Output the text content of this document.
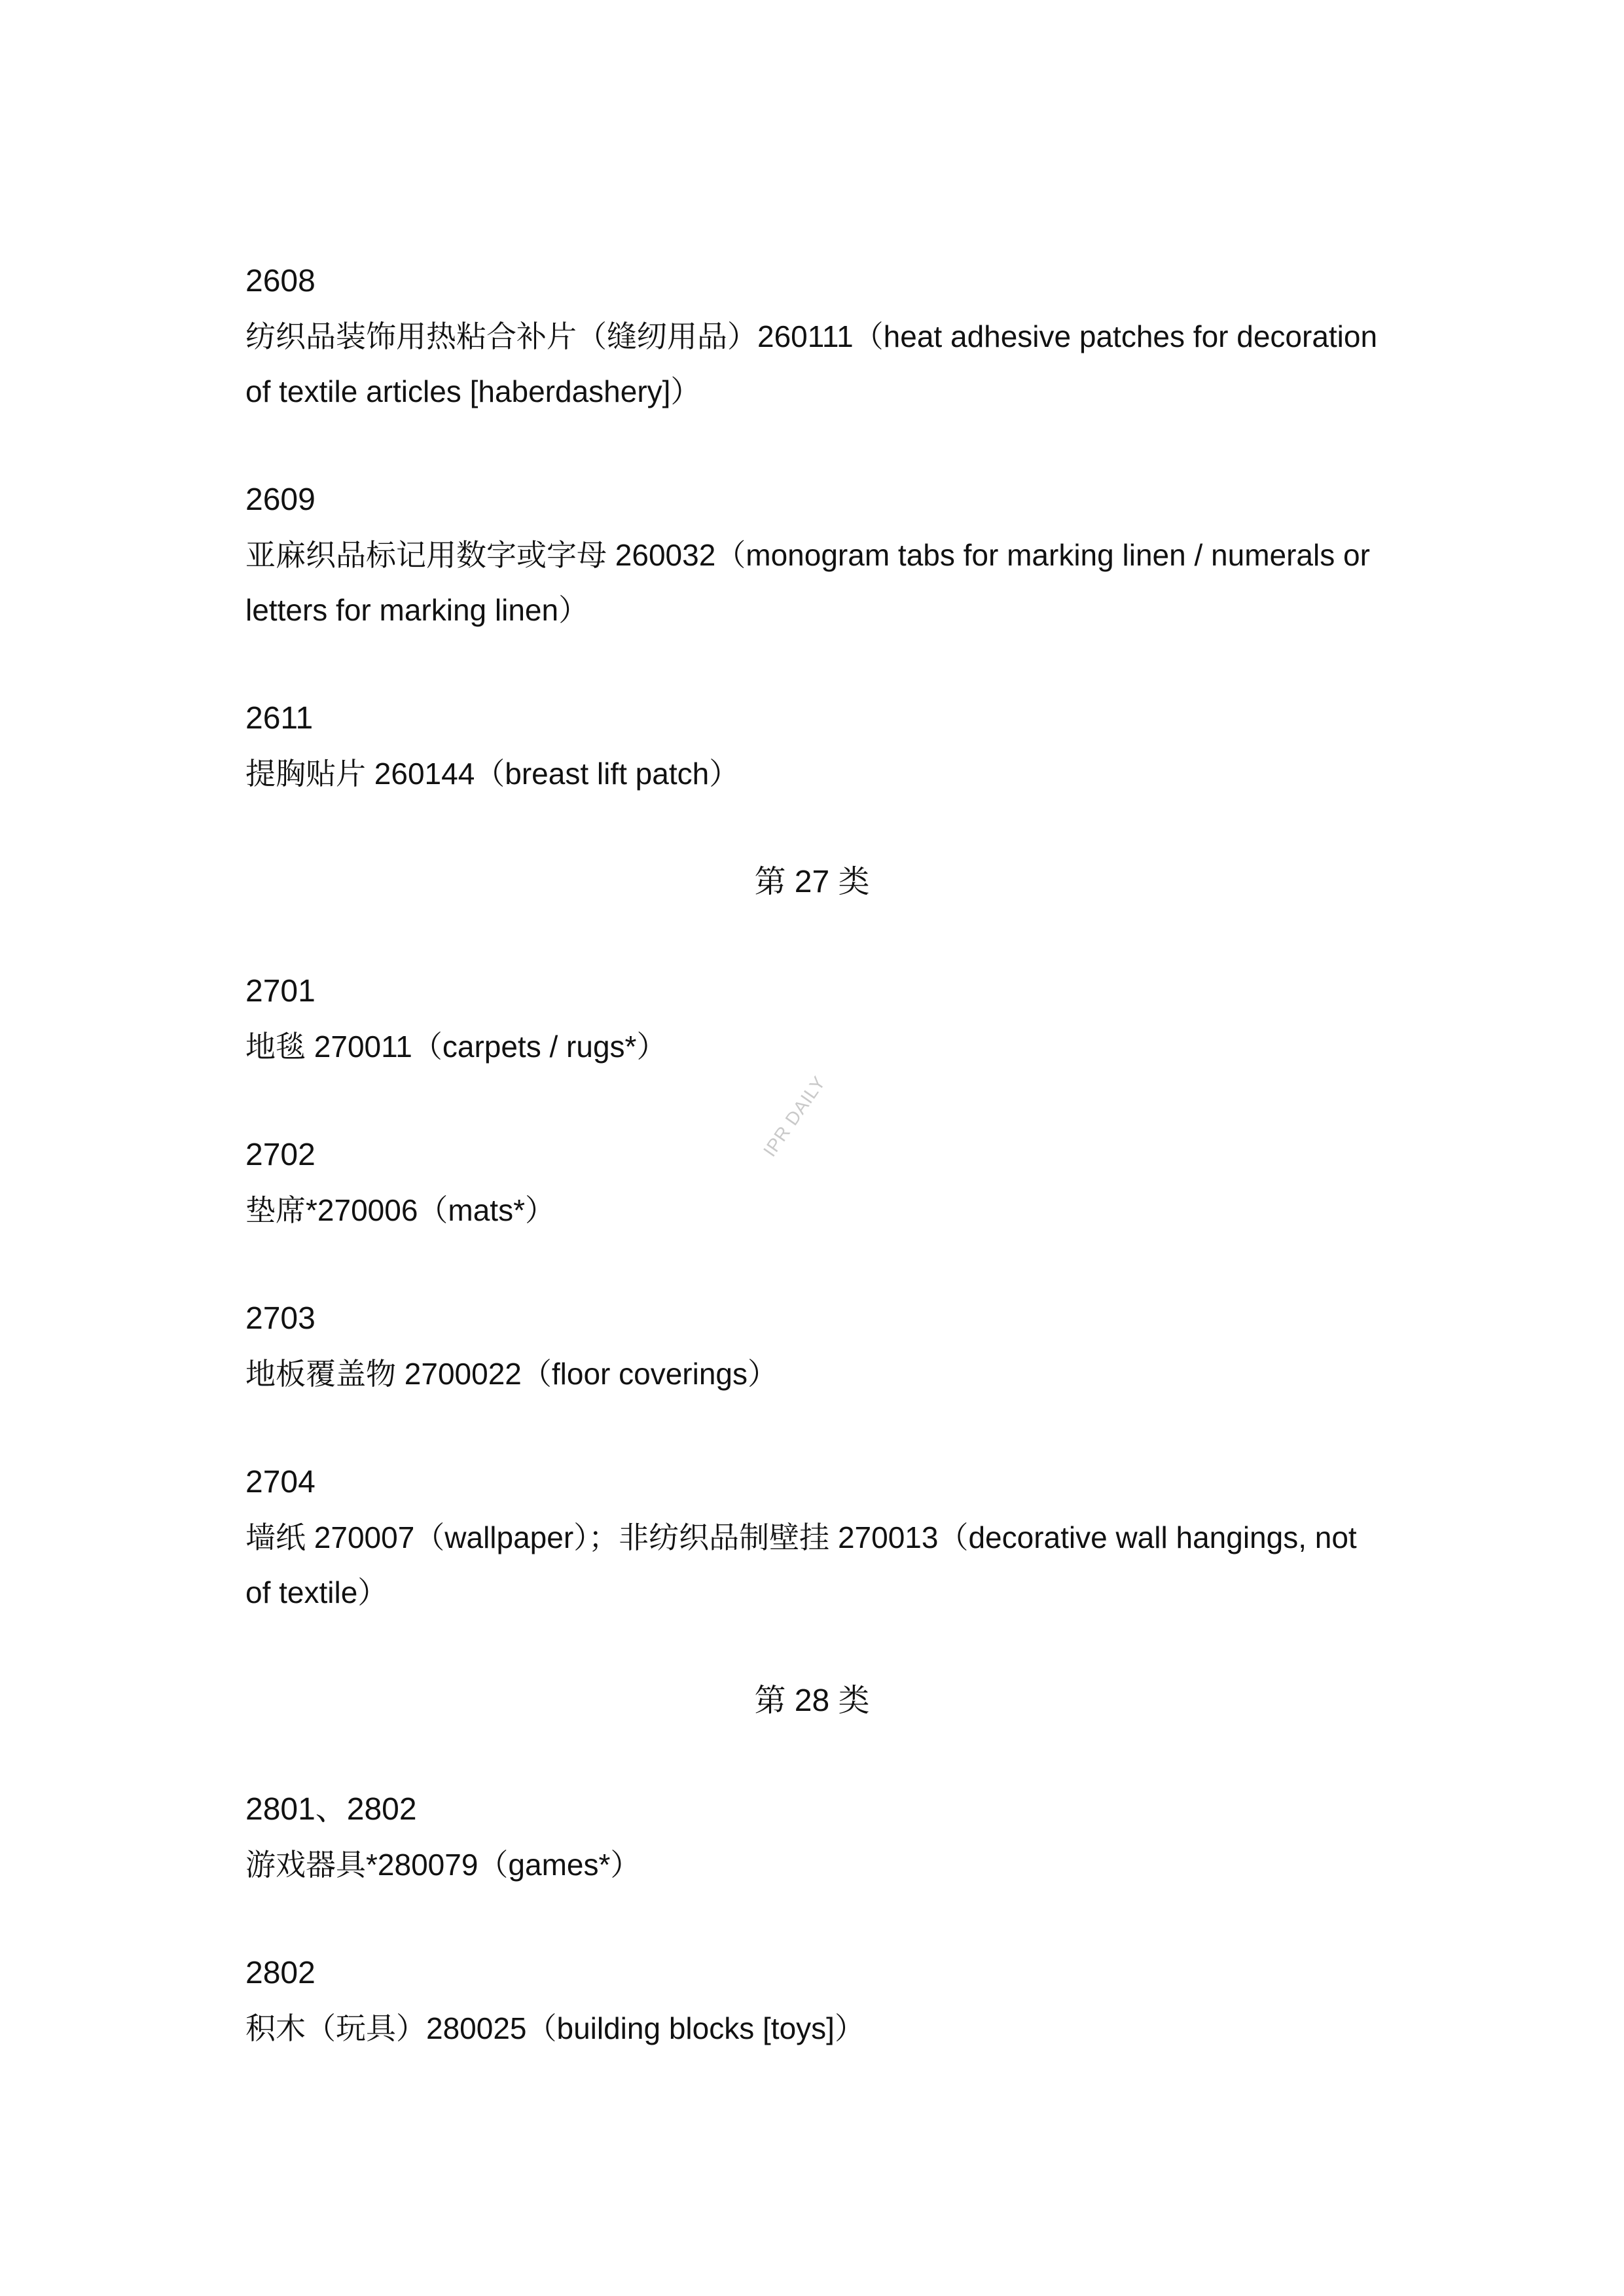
2608
纺织品装饰用热粘合补片（缝纫用品）260111（heat adhesive patches for decoration
of textile articles [haberdashery]）
2609
亚麻织品标记用数字或字母 260032（monogram tabs for marking linen / numerals or
letters for marking linen）
2611
提胸贴片 260144（breast lift patch）
第 27 类
2701
地毯 270011（carpets / rugs*）
IPR DAILY
2702
垫席*270006（mats*）
2703
地板覆盖物 2700022（floor coverings）
2704
墙纸 270007（wallpaper）；非纺织品制壁挂 270013（decorative wall hangings, not
of textile）
第 28 类
2801、2802
游戏器具*280079（games*）
2802
积木（玩具）280025（building blocks [toys]）
